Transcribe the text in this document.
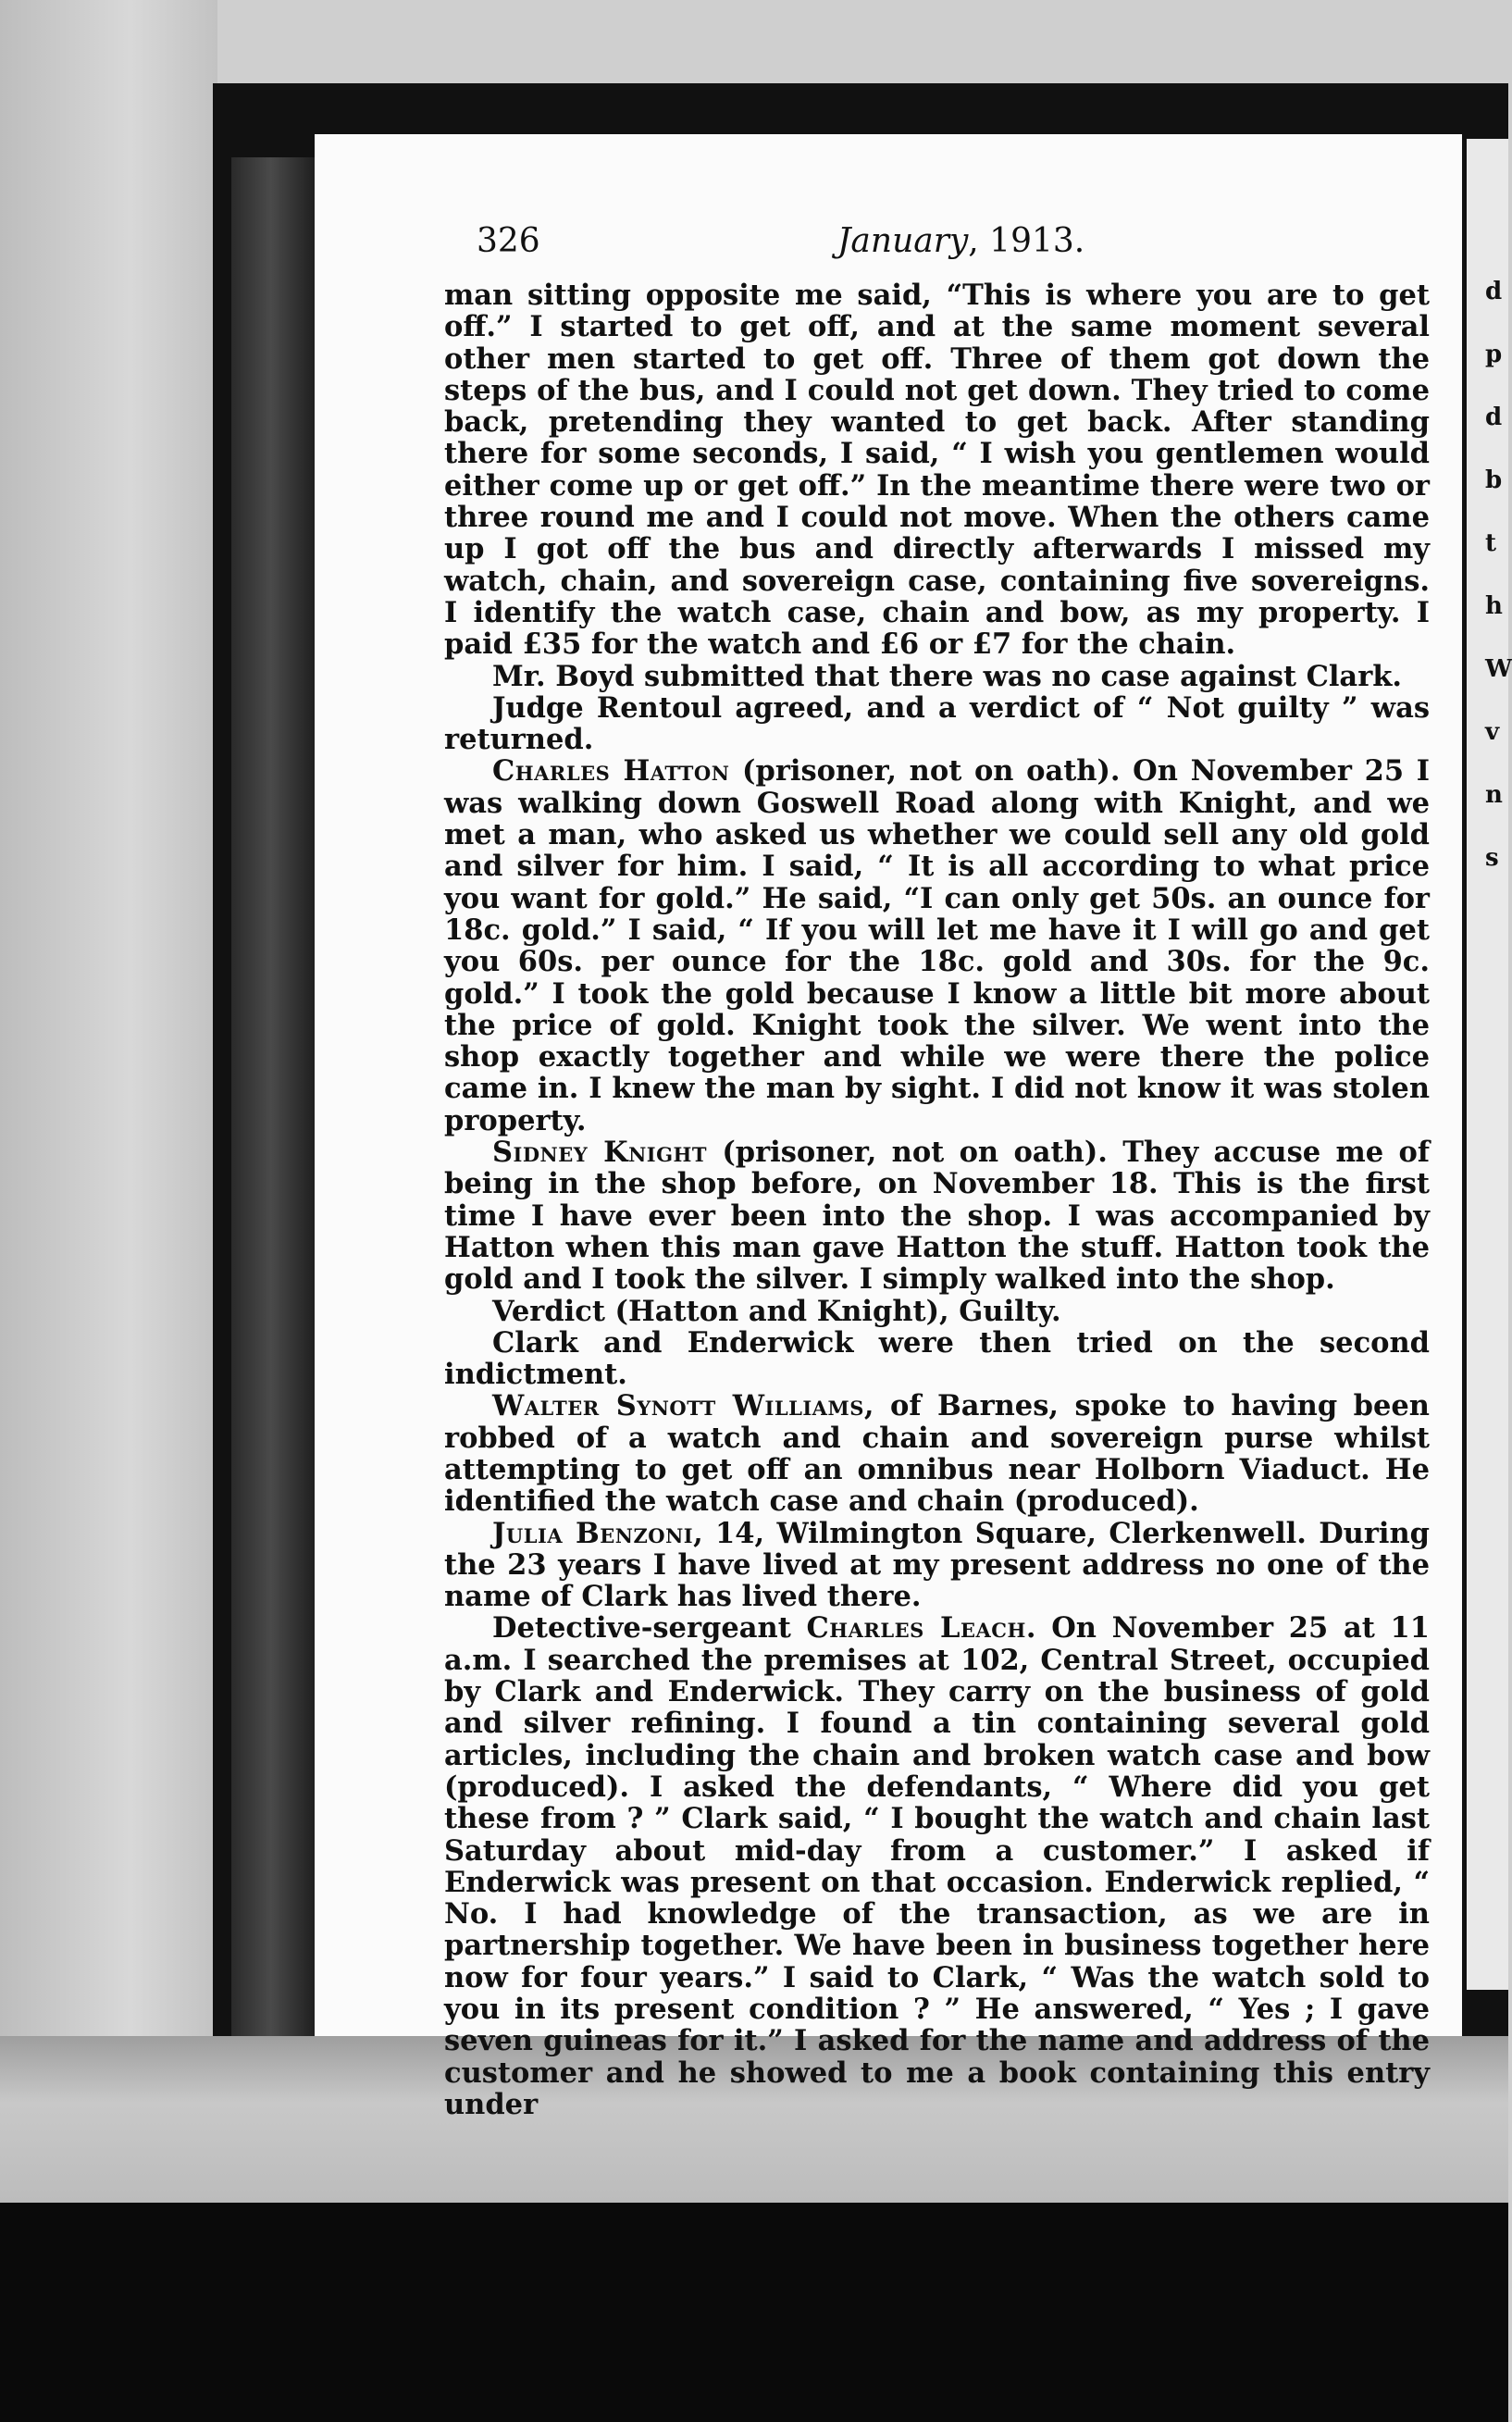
d
p
d
b
t
h
W
v
n
s
326	January, 1913.

man sitting opposite me said, “This is where you are to get off.” I started to get off, and at the same moment several other men started to get off. Three of them got down the steps of the bus, and I could not get down. They tried to come back, pretending they wanted to get back. After standing there for some seconds, I said, “ I wish you gentlemen would either come up or get off.” In the meantime there were two or three round me and I could not move. When the others came up I got off the bus and directly afterwards I missed my watch, chain, and sovereign case, containing five sovereigns. I identify the watch case, chain and bow, as my property. I paid £35 for the watch and £6 or £7 for the chain.

Mr. Boyd submitted that there was no case against Clark.

Judge Rentoul agreed, and a verdict of “ Not guilty ” was returned.

Charles Hatton (prisoner, not on oath). On November 25 I was walking down Goswell Road along with Knight, and we met a man, who asked us whether we could sell any old gold and silver for him. I said, “ It is all according to what price you want for gold.” He said, “I can only get 50s. an ounce for 18c. gold.” I said, “ If you will let me have it I will go and get you 60s. per ounce for the 18c. gold and 30s. for the 9c. gold.” I took the gold because I know a little bit more about the price of gold. Knight took the silver. We went into the shop exactly together and while we were there the police came in. I knew the man by sight. I did not know it was stolen property.

Sidney Knight (prisoner, not on oath). They accuse me of being in the shop before, on November 18. This is the first time I have ever been into the shop. I was accompanied by Hatton when this man gave Hatton the stuff. Hatton took the gold and I took the silver. I simply walked into the shop.

Verdict (Hatton and Knight), Guilty.

Clark and Enderwick were then tried on the second indictment.

Walter Synott Williams, of Barnes, spoke to having been robbed of a watch and chain and sovereign purse whilst attempting to get off an omnibus near Holborn Viaduct. He identified the watch case and chain (produced).

Julia Benzoni, 14, Wilmington Square, Clerkenwell. During the 23 years I have lived at my present address no one of the name of Clark has lived there.

Detective-sergeant Charles Leach. On November 25 at 11 a.m. I searched the premises at 102, Central Street, occupied by Clark and Enderwick. They carry on the business of gold and silver refining. I found a tin containing several gold articles, including the chain and broken watch case and bow (produced). I asked the defendants, “ Where did you get these from ? ” Clark said, “ I bought the watch and chain last Saturday about mid-day from a customer.” I asked if Enderwick was present on that occasion. Enderwick replied, “ No. I had knowledge of the transaction, as we are in partnership together. We have been in business together here now for four years.” I said to Clark, “ Was the watch sold to you in its present condition ? ” He answered, “ Yes ; I gave seven guineas for it.” I asked for the name and address of the customer and he showed to me a book containing this entry under
